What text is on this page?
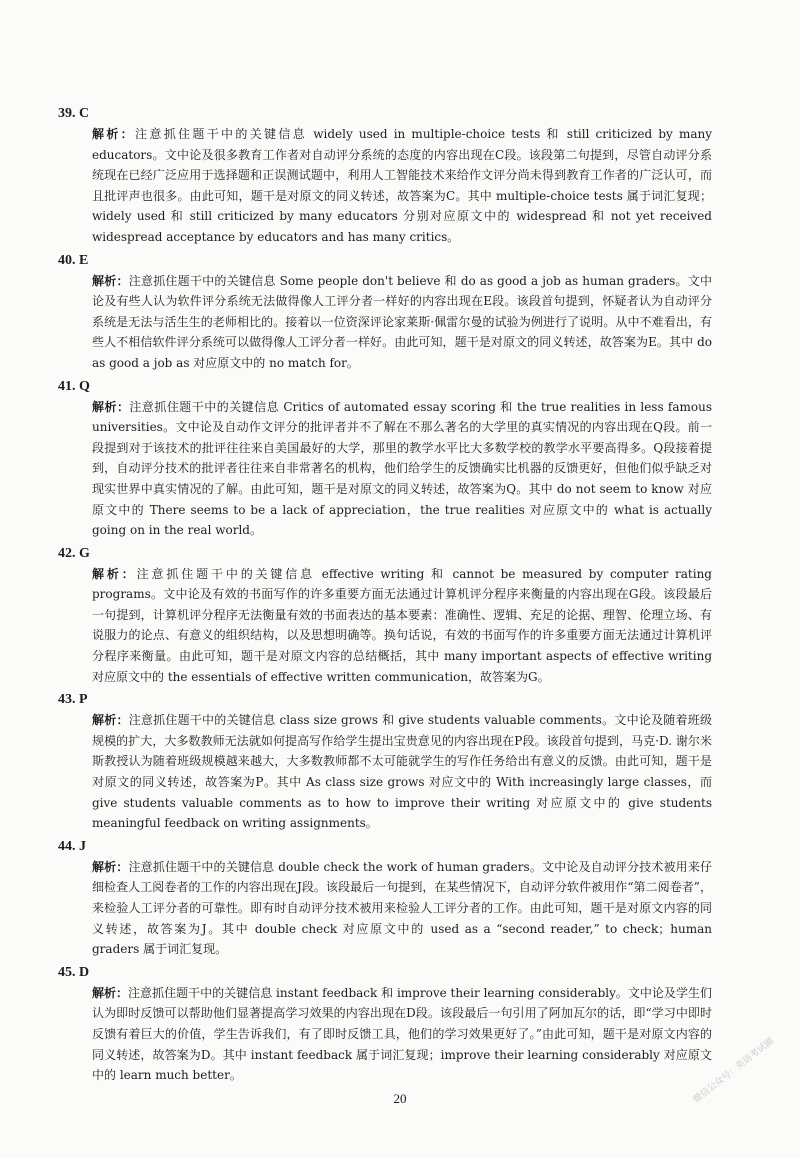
39. C
解析：注意抓住题干中的关键信息 widely used in multiple-choice tests 和 still criticized by many educators。文中论及很多教育工作者对自动评分系统的态度的内容出现在C段。该段第二句提到，尽管自动评分系统现在已经广泛应用于选择题和正误测试题中，利用人工智能技术来给作文评分尚未得到教育工作者的广泛认可，而且批评声也很多。由此可知，题干是对原文的同义转述，故答案为C。其中 multiple-choice tests 属于词汇复现；widely used 和 still criticized by many educators 分别对应原文中的 widespread 和 not yet received widespread acceptance by educators and has many critics。
40. E
解析：注意抓住题干中的关键信息 Some people don't believe 和 do as good a job as human graders。文中论及有些人认为软件评分系统无法做得像人工评分者一样好的内容出现在E段。该段首句提到，怀疑者认为自动评分系统是无法与活生生的老师相比的。接着以一位资深评论家莱斯·佩雷尔曼的试验为例进行了说明。从中不难看出，有些人不相信软件评分系统可以做得像人工评分者一样好。由此可知，题干是对原文的同义转述，故答案为E。其中 do as good a job as 对应原文中的 no match for。
41. Q
解析：注意抓住题干中的关键信息 Critics of automated essay scoring 和 the true realities in less famous universities。文中论及自动作文评分的批评者并不了解在不那么著名的大学里的真实情况的内容出现在Q段。前一段提到对于该技术的批评往往来自美国最好的大学，那里的教学水平比大多数学校的教学水平要高得多。Q段接着提到，自动评分技术的批评者往往来自非常著名的机构，他们给学生的反馈确实比机器的反馈更好，但他们似乎缺乏对现实世界中真实情况的了解。由此可知，题干是对原文的同义转述，故答案为Q。其中 do not seem to know 对应原文中的 There seems to be a lack of appreciation，the true realities 对应原文中的 what is actually going on in the real world。
42. G
解析：注意抓住题干中的关键信息 effective writing 和 cannot be measured by computer rating programs。文中论及有效的书面写作的许多重要方面无法通过计算机评分程序来衡量的内容出现在G段。该段最后一句提到，计算机评分程序无法衡量有效的书面表达的基本要素：准确性、逻辑、充足的论据、理智、伦理立场、有说服力的论点、有意义的组织结构，以及思想明确等。换句话说，有效的书面写作的许多重要方面无法通过计算机评分程序来衡量。由此可知，题干是对原文内容的总结概括，其中 many important aspects of effective writing 对应原文中的 the essentials of effective written communication，故答案为G。
43. P
解析：注意抓住题干中的关键信息 class size grows 和 give students valuable comments。文中论及随着班级规模的扩大，大多数教师无法就如何提高写作给学生提出宝贵意见的内容出现在P段。该段首句提到，马克·D. 谢尔米斯教授认为随着班级规模越来越大，大多数教师都不太可能就学生的写作任务给出有意义的反馈。由此可知，题干是对原文的同义转述，故答案为P。其中 As class size grows 对应文中的 With increasingly large classes，而 give students valuable comments as to how to improve their writing 对应原文中的 give students meaningful feedback on writing assignments。
44. J
解析：注意抓住题干中的关键信息 double check the work of human graders。文中论及自动评分技术被用来仔细检查人工阅卷者的工作的内容出现在J段。该段最后一句提到，在某些情况下，自动评分软件被用作“第二阅卷者”，来检验人工评分者的可靠性。即有时自动评分技术被用来检验人工评分者的工作。由此可知，题干是对原文内容的同义转述，故答案为J。其中 double check 对应原文中的 used as a “second reader,” to check；human graders 属于词汇复现。
45. D
解析：注意抓住题干中的关键信息 instant feedback 和 improve their learning considerably。文中论及学生们认为即时反馈可以帮助他们显著提高学习效果的内容出现在D段。该段最后一句引用了阿加瓦尔的话，即“学习中即时反馈有着巨大的价值，学生告诉我们，有了即时反馈工具，他们的学习效果更好了。”由此可知，题干是对原文内容的同义转述，故答案为D。其中 instant feedback 属于词汇复现；improve their learning considerably 对应原文中的 learn much better。
20	微信公众号：英语考试圈
